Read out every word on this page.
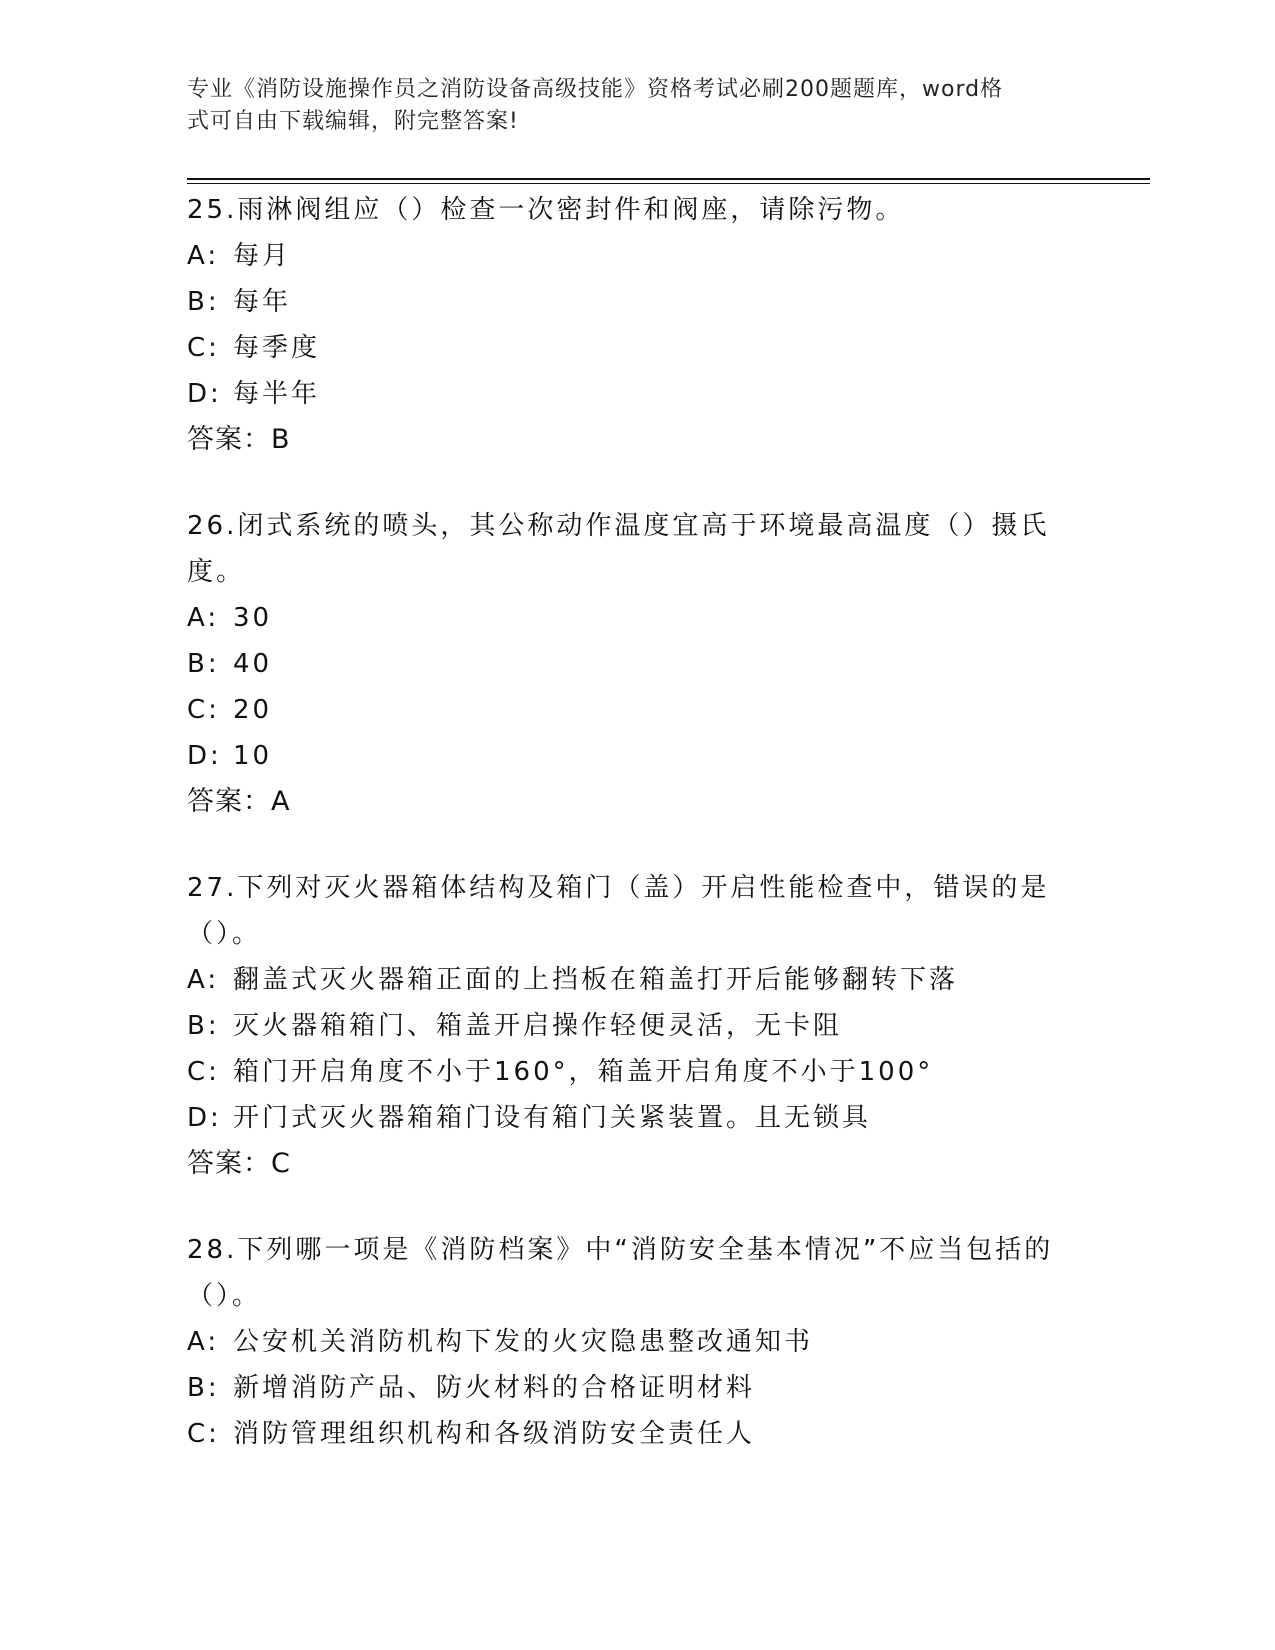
专业《消防设施操作员之消防设备高级技能》资格考试必刷200题题库，word格
式可自由下载编辑，附完整答案!

25.雨淋阀组应（）检查一次密封件和阀座，请除污物。

A: 每月

B: 每年

C: 每季度

D: 每半年

答案：B

26.闭式系统的喷头，其公称动作温度宜高于环境最高温度（）摄氏度。

A: 30

B: 40

C: 20

D: 10

答案：A

27.下列对灭火器箱体结构及箱门（盖）开启性能检查中，错误的是（）。

A: 翻盖式灭火器箱正面的上挡板在箱盖打开后能够翻转下落

B: 灭火器箱箱门、箱盖开启操作轻便灵活，无卡阻

C: 箱门开启角度不小于160°，箱盖开启角度不小于100°

D: 开门式灭火器箱箱门设有箱门关紧装置。且无锁具

答案：C

28.下列哪一项是《消防档案》中“消防安全基本情况”不应当包括的（）。

A: 公安机关消防机构下发的火灾隐患整改通知书

B: 新增消防产品、防火材料的合格证明材料

C: 消防管理组织机构和各级消防安全责任人
